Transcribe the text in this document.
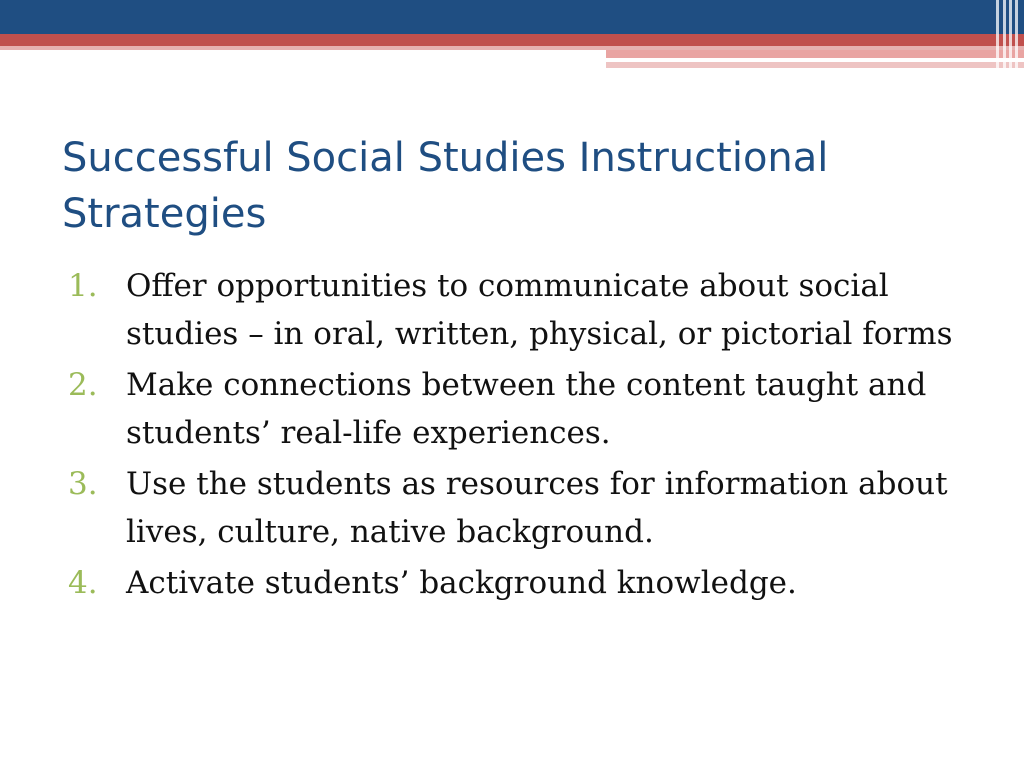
Successful Social Studies Instructional Strategies
1. Offer opportunities to communicate about social studies – in oral, written, physical, or pictorial forms
2. Make connections between the content taught and students’ real-life experiences.
3. Use the students as resources for information about lives, culture, native background.
4. Activate students’ background knowledge.
